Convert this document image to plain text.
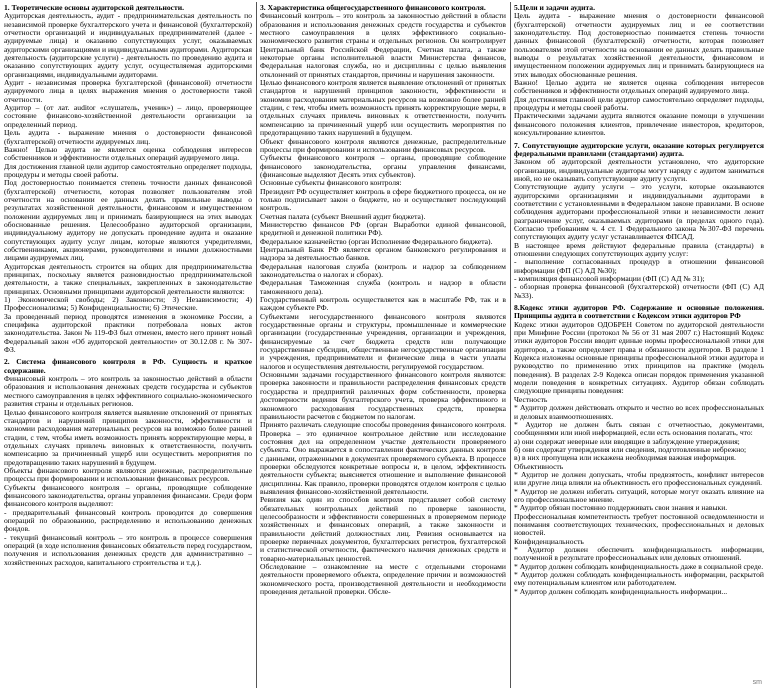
1. Теоретические основы аудиторской деятельности.

Аудиторская деятельность, аудит - предпринимательская деятельность по независимой проверке бухгалтерского учета и финансовой (бухгалтерской) отчетности организаций и индивидуальных предпринимателей (далее - аудируемые лица) и оказанию сопутствующих услуг, оказываемых аудиторскими организациями и индивидуальными аудиторами. Аудиторская деятельность (аудиторские услуги) - деятельность по проведению аудита и оказанию сопутствующих аудиту услуг, осуществляемая аудиторскими организациями, индивидуальными аудиторами.

Аудит - независимая проверка бухгалтерской (финансовой) отчетности аудируемого лица в целях выражения мнения о достоверности такой отчетности.

Аудитор – (от лат. auditor «слушатель, ученик») – лицо, проверяющее состояние финансово-хозяйственной деятельности организации за определенный период.

Цель аудита - выражение мнения о достоверности финансовой (бухгалтерской) отчетности аудируемых лиц.

Важно! Целью аудита не является оценка соблюдения интересов собственников и эффективности отдельных операций аудируемого лица.

Для достижения главной цели аудитор самостоятельно определяет подходы, процедуры и методы своей работы.

Под достоверностью понимается степень точности данных финансовой (бухгалтерской) отчетности, которая позволяет пользователям этой отчетности на основании ее данных делать правильные выводы о результатах хозяйственной деятельности, финансовом и имущественном положении аудируемых лиц и принимать базирующиеся на этих выводах обоснованные решения. Целесообразно аудиторской организации, индивидуальному аудитору не допускать проведение аудита и оказание сопутствующих аудиту услуг лицам, которые являются учредителями, собственниками, акционерами, руководителями и иными должностными лицами аудируемых лиц.

Аудиторская деятельность строится на общих для предпринимательства принципах, поскольку является разновидностью предпринимательской деятельности, а также специальных, закрепленных в законодательстве принципах. Основными принципами аудиторской деятельности являются:

1) Экономической свободы; 2) Законности; 3) Независимости; 4) Профессионализма; 5) Конфиденциальности; 6) Этические.

За проведенный период проводятся изменения в экономике России, а специфика аудиторской практики потребовала новых актов законодательства. Закон № 119-ФЗ был отменен, вместо него принят новый Федеральный закон «Об аудиторской деятельности» от 30.12.08 г. № 307-ФЗ.

2. Система финансового контроля в РФ. Сущность и краткое содержание.

Финансовый контроль – это контроль за законностью действий в области образования и использования денежных средств государства и субъектов местного самоуправления в целях эффективного социально-экономического развития страны и отдельных регионов.

Целью финансового контроля является выявление отклонений от принятых стандартов и нарушений принципов законности, эффективности и экономии расходования материальных ресурсов на возможно более ранней стадии, с тем, чтобы иметь возможность принять корректирующие меры, в отдельных случаях привлечь виновных к ответственности, получить компенсацию за причиненный ущерб или осуществить мероприятия по предотвращению таких нарушений в будущем.

Объекты финансового контроля являются денежные, распределительные процессы при формировании и использовании финансовых ресурсов.

Субъекты финансового контроля – органы, проводящие соблюдение финансового законодательства, органы управления финансами. Среди форм финансового контроля выделяют:

- предварительный финансовый контроль проводится до совершения операций по образованию, распределению и использованию денежных фондов.

- текущий финансовый контроль – это контроль в процессе совершения операций (в ходе исполнения финансовых обязательств перед государством, получения и использования денежных средств для административно – хозяйственных расходов, капитального строительства и т.д.).

3. Характеристика общегосударственного финансового контроля.

Финансовый контроль – это контроль за законностью действий в области образования и использования денежных средств государства и субъектов местного самоуправления в целях эффективного социально-экономического развития страны и отдельных регионов. Он контролирует Центральный банк Российской Федерации, Счетная палата, а также некоторые органы исполнительной власти Министерства финансов, Федеральная налоговая служба, но и дисциплины с целью выявления отклонений от принятых стандартов, причины и нарушения законности.

Целью финансового контроля является выявление отклонений от принятых стандартов и нарушений принципов законности, эффективности и экономии расходования материальных ресурсов на возможно более ранней стадии, с тем, чтобы иметь возможность принять корректирующие меры, в отдельных случаях привлечь виновных к ответственности, получить компенсацию за причиненный ущерб или осуществить мероприятия по предотвращению таких нарушений в будущем.

Объект финансового контроля являются денежные, распределительные процессы при формировании и использовании финансовых ресурсов.

Субъекты финансового контроля – органы, проводящие соблюдение финансового законодательства, органы управления финансами, (финансовые выделяют Десять этих субъектов).

Основные субъекты финансового контроля:

Президент РФ осуществляет контроль в сфере бюджетного процесса, он не только подписывает закон о бюджете, но и осуществляет последующий контроль.

Счетная палата (субъект Внешний аудит бюджета).

Министерство финансов РФ (орган Выработки единой финансовой, кредитной и денежной политики РФ).

Федеральное казначейство (орган Исполнение Федерального бюджета).

Центральный Банк РФ является органом банковского регулирования и надзора за деятельностью банков.

Федеральная налоговая служба (контроль и надзор за соблюдением законодательства о налогах и сборах).

Федеральная Таможенная служба (контроль и надзор в области таможенного дела).

Государственный контроль осуществляется как в масштабе РФ, так и в каждом субъекте РФ.

Субъектами негосударственного финансового контроля являются государственные органы и структуры, промышленные и коммерческие организации (государственные учреждения, организации и учреждения, финансируемые за счет бюджета средств или получающие государственные субсидии, общественные негосударственные организации и учреждения, предприниматели и физические лица в части уплаты налогов и осуществления деятельности, регулируемой государством.

Основными задачами государственного финансового контроля являются: проверка законности и правильности распределения финансовых средств государства и предприятий различных форм собственности, проверка достоверности ведения бухгалтерского учета, проверка эффективного и экономного расходования государственных средств, проверка правильности расчетов с бюджетом по налогам.

Принято различать следующие способы проведения финансового контроля.

Проверка – это единичное контрольное действие или исследование состояния дел на определенном участке деятельности проверяемого субъекта. Оно выражается в сопоставлении фактических данных контроля с данными, отраженными в документах проверяемого субъекта. В процессе проверки обследуются конкретные вопросы и, в целом, эффективность деятельности субъекта; выясняется отношение и выполнение финансовой дисциплины. Как правило, проверки проводятся отделом контроля с целью выявления финансово-хозяйственной деятельности.

Ревизия как один из способов контроля представляет собой систему обязательных контрольных действий по проверке законности, целесообразности и эффективности совершенных в проверяемом периоде хозяйственных и финансовых операций, а также законности и правильности действий должностных лиц. Ревизия основывается на проверке первичных документов, бухгалтерских регистров, бухгалтерской и статистической отчетности, фактического наличия денежных средств и товарно-материальных ценностей.

Обследование – ознакомление на месте с отдельными сторонами деятельности проверяемого объекта, определение причин и возможностей экономического роста, производственной деятельности и необходимости проведения детальной проверки. Обсле-

5.Цели и задачи аудита.

Цель аудита - выражение мнения о достоверности финансовой (бухгалтерской) отчетности аудируемых лиц и ее соответствии законодательству. Под достоверностью понимается степень точности данных финансовой (бухгалтерской) отчетности, которая позволяет пользователям этой отчетности на основании ее данных делать правильные выводы о результатах хозяйственной деятельности, финансовом и имущественном положении аудируемых лиц и принимать базирующиеся на этих выводах обоснованные решения.

Важно! Целью аудита не является оценка соблюдения интересов собственников и эффективности отдельных операций аудируемого лица.

Для достижения главной цели аудитор самостоятельно определяет подходы, процедуры и методы своей работы.

Практическими задачами аудита являются оказание помощи в улучшении финансового положения клиентов, привлечение инвесторов, кредиторов, консультирование клиентов.

7. Сопутствующие аудиторские услуги, оказание которых регулируется федеральными правилами (стандартами) аудита.

Законом об аудиторской деятельности установлено, что аудиторские организации, индивидуальные аудиторы могут наряду с аудитом заниматься иной, но не оказывать сопутствующие аудиту услуги.

Сопутствующие аудиту услуги – это услуги, которые оказываются аудиторскими организациями и индивидуальными аудиторами в соответствии с установленными в Федеральном законе правилами. В основе соблюдения аудиторами профессиональной этики и независимости лежит разграничение услуг, оказываемых аудиторами (в пределах одного года). Согласно требованиям ч. 4 ст. 1 Федерального закона №307-ФЗ перечень сопутствующих аудиту услуг устанавливается ФПСАД.

В настоящее время действуют федеральные правила (стандарты) в отношении следующих сопутствующих аудиту услуг:

- выполнение согласованных процедур в отношении финансовой информации (ФП (С) АД №30);

- компиляция финансовой информации (ФП (С) АД № 31);

- обзорная проверка финансовой (бухгалтерской) отчетности (ФП (С) АД №33).

8.Кодекс этики аудиторов РФ. Содержание и основные положения. Принципы аудита в соответствии с Кодексом этики аудиторов РФ

Кодекс этики аудиторов ОДОБРЕН Советом по аудиторской деятельности при Минфине России (протокол № 56 от 31 мая 2007 г.) Настоящий Кодекс этики аудиторов России вводит единые нормы профессиональной этики для аудиторов, а также определяет права и обязанности аудиторов. В разделе 1 Кодекса изложены основные принципы профессиональной этики аудитора и руководство по применению этих принципов на практике (модель поведения). В разделах 2-9 Кодекса описан порядок применения указанной модели поведения в конкретных ситуациях. Аудитор обязан соблюдать следующие принципы поведения:

Честность

* Аудитор должен действовать открыто и честно во всех профессиональных и деловых взаимоотношениях.

* Аудитор не должен быть связан с отчетностью, документами, сообщениями или иной информацией, если есть основания полагать, что:

а) они содержат неверные или вводящие в заблуждение утверждения;

б) они содержат утверждения или сведения, подготовленные небрежно;

в) в них пропущена или искажена необходимая важная информация.

Объективность

* Аудитор не должен допускать, чтобы предвзятость, конфликт интересов или другие лица влияли на объективность его профессиональных суждений.

* Аудитор не должен избегать ситуаций, которые могут оказать влияние на его профессиональное мнение.

* Аудитор обязан постоянно поддерживать свои знания и навыки.

Профессиональная компетентность требует постоянной осведомленности и понимания соответствующих технических, профессиональных и деловых новостей.

Конфиденциальность

* Аудитор должен обеспечить конфиденциальность информации, полученной в результате профессиональных или деловых отношений.

* Аудитор должен соблюдать конфиденциальность даже в социальной среде.

* Аудитор должен соблюдать конфиденциальность информации, раскрытой ему потенциальным клиентом или работодателем.

* Аудитор должен соблюдать конфиденциальность информации...

sm
